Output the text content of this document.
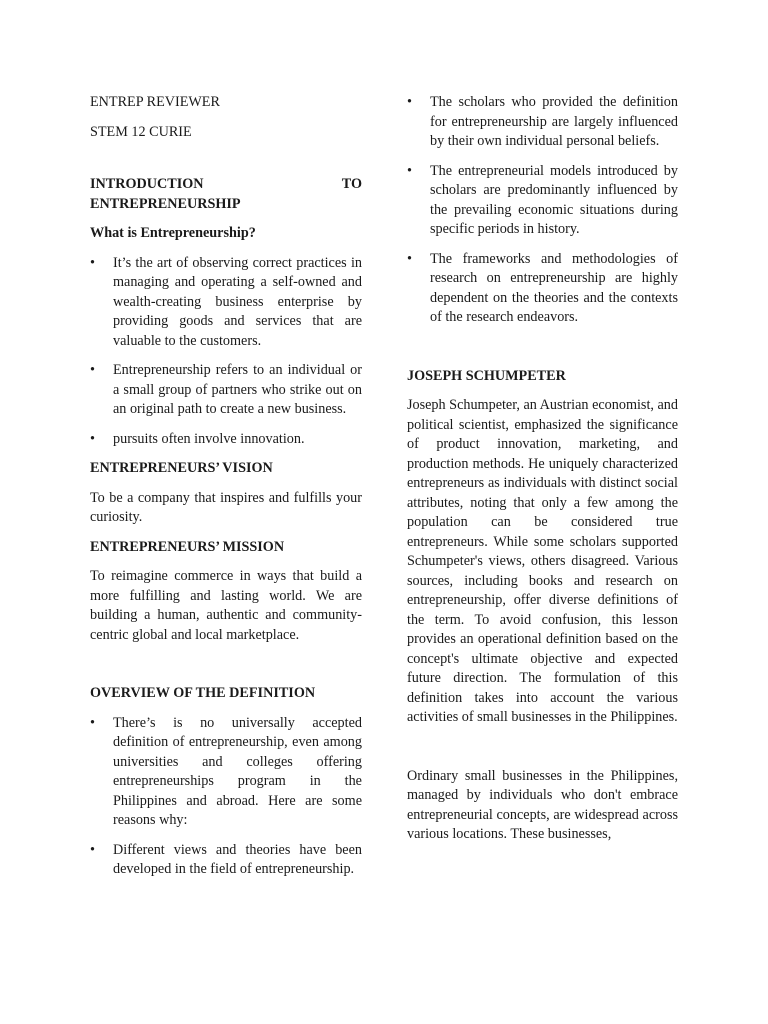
ENTREP REVIEWER

STEM 12 CURIE

INTRODUCTION TO ENTREPRENEURSHIP

What is Entrepreneurship?

• It’s the art of observing correct practices in managing and operating a self-owned and wealth-creating business enterprise by providing goods and services that are valuable to the customers.
• Entrepreneurship refers to an individual or a small group of partners who strike out on an original path to create a new business.
• pursuits often involve innovation.

ENTREPRENEURS’ VISION

To be a company that inspires and fulfills your curiosity.

ENTREPRENEURS’ MISSION

To reimagine commerce in ways that build a more fulfilling and lasting world. We are building a human, authentic and community-centric global and local marketplace.

OVERVIEW OF THE DEFINITION

• There’s is no universally accepted definition of entrepreneurship, even among universities and colleges offering entrepreneurships program in the Philippines and abroad. Here are some reasons why:
• Different views and theories have been developed in the field of entrepreneurship.
• The scholars who provided the definition for entrepreneurship are largely influenced by their own individual personal beliefs.
• The entrepreneurial models introduced by scholars are predominantly influenced by the prevailing economic situations during specific periods in history.
• The frameworks and methodologies of research on entrepreneurship are highly dependent on the theories and the contexts of the research endeavors.

JOSEPH SCHUMPETER

Joseph Schumpeter, an Austrian economist, and political scientist, emphasized the significance of product innovation, marketing, and production methods. He uniquely characterized entrepreneurs as individuals with distinct social attributes, noting that only a few among the population can be considered true entrepreneurs. While some scholars supported Schumpeter's views, others disagreed. Various sources, including books and research on entrepreneurship, offer diverse definitions of the term. To avoid confusion, this lesson provides an operational definition based on the concept's ultimate objective and expected future direction. The formulation of this definition takes into account the various activities of small businesses in the Philippines.

Ordinary small businesses in the Philippines, managed by individuals who don't embrace entrepreneurial concepts, are widespread across various locations. These businesses,
